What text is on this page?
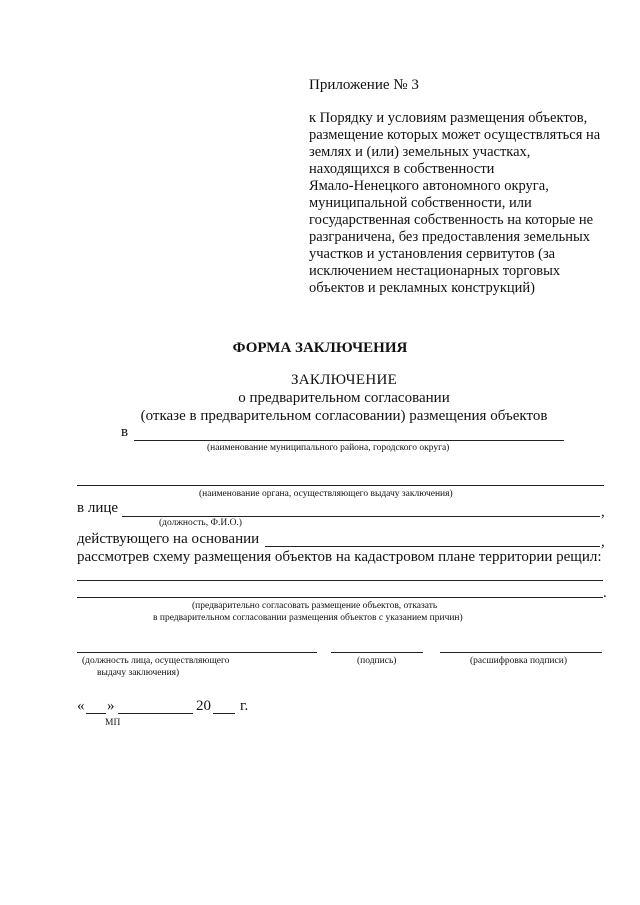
Приложение № 3
к Порядку и условиям размещения объектов,
размещение которых может осуществляться на
землях и (или) земельных участках,
находящихся в собственности
Ямало-Ненецкого автономного округа,
муниципальной собственности, или
государственная собственность на которые не
разграничена, без предоставления земельных
участков и установления сервитутов (за
исключением нестационарных торговых
объектов и рекламных конструкций)
ФОРМА ЗАКЛЮЧЕНИЯ
ЗАКЛЮЧЕНИЕ
о предварительном согласовании
(отказе в предварительном согласовании) размещения объектов
в
(наименование муниципального района, городского округа)
(наименование органа, осуществляющего выдачу заключения)
в лице	,
(должность, Ф.И.О.)
действующего на основании	,
рассмотрев схему размещения объектов на кадастровом плане территории рещил:
.
(предварительно согласовать размещение объектов, отказать
в предварительном согласовании размещения объектов с указанием причин)
(должность лица, осуществляющего
выдачу заключения)
(подпись)	(расшифровка подписи)
« »	20 г.
МП
